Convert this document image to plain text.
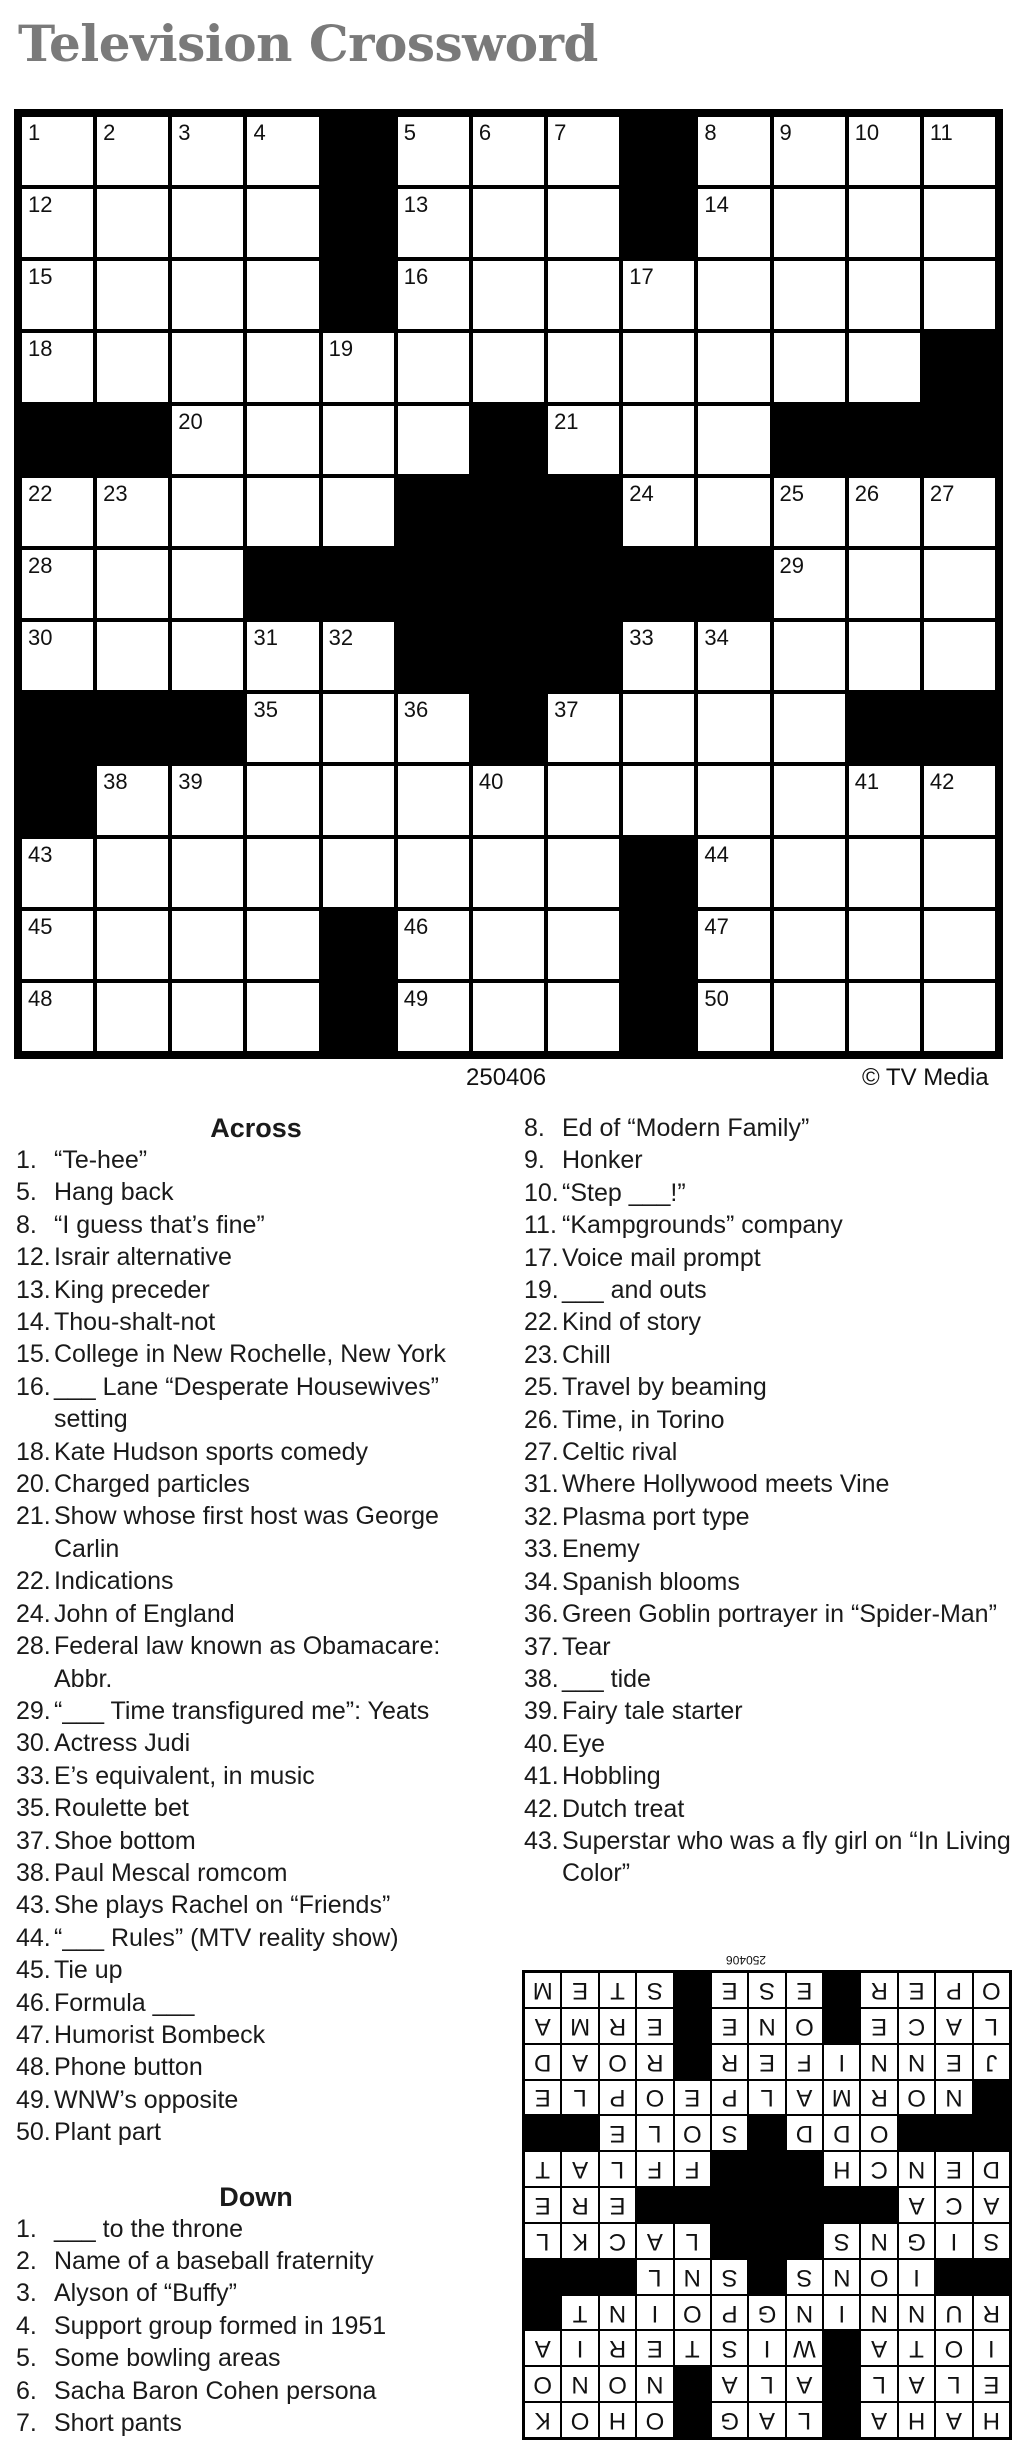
Television Crossword
1	2	3	4	5	6	7	8	9	10 11
12	13	14
15	16	17
18	19
20	21
22 23	24	25 26 27
28	29
30	31 32	33 34
35	36	37
38 39	40	41 42
43	44
45	46	47
48	49	50
250406	© TV Media
Across
1. “Te-hee”
5. Hang back
8. “I guess that’s fine”
12. Israir alternative
13. King preceder
14. Thou-shalt-not
15. College in New Rochelle, New York
16. ___ Lane “Desperate Housewives” setting
18. Kate Hudson sports comedy
20. Charged particles
21. Show whose first host was George Carlin
22. Indications
24. John of England
28. Federal law known as Obamacare: Abbr.
29. “___ Time transfigured me”: Yeats
30. Actress Judi
33. E’s equivalent, in music
35. Roulette bet
37. Shoe bottom
38. Paul Mescal romcom
43. She plays Rachel on “Friends”
44. “___ Rules” (MTV reality show)
45. Tie up
46. Formula ___
47. Humorist Bombeck
48. Phone button
49. WNW’s opposite
50. Plant part
Down
1. ___ to the throne
2. Name of a baseball fraternity
3. Alyson of “Buffy”
4. Support group formed in 1951
5. Some bowling areas
6. Sacha Baron Cohen persona
7. Short pants
8. Ed of “Modern Family”
9. Honker
10. “Step ___!”
11. “Kampgrounds” company
17. Voice mail prompt
19. ___ and outs
22. Kind of story
23. Chill
25. Travel by beaming
26. Time, in Torino
27. Celtic rival
31. Where Hollywood meets Vine
32. Plasma port type
33. Enemy
34. Spanish blooms
36. Green Goblin portrayer in “Spider-Man”
37. Tear
38. ___ tide
39. Fairy tale starter
40. Eye
41. Hobbling
42. Dutch treat
43. Superstar who was a fly girl on “In Living Color”
250406
H
A
H
A
L
A
G
O
H
O
K
E
L
A
L
A
L
A
N
O
N
O
I
O
T
A
W
I
S
T
E
R
I
A
R
U
N
N
I
N
G
P
O
I
N
T
I
O
N
S
S
N
L
S
I
G
N
S
L
A
C
K
L
A
C
A
E
R
E
D
E
N
C
H
F
F
L
A
T
O
D
D
S
O
L
E
N
O
R
M
A
L
P
E
O
P
L
E
J
E
N
N
I
F
E
R
R
O
A
D
L
A
C
E
O
N
E
E
R
M
A
O
P
E
R
E
S
E
S
T
E
M
